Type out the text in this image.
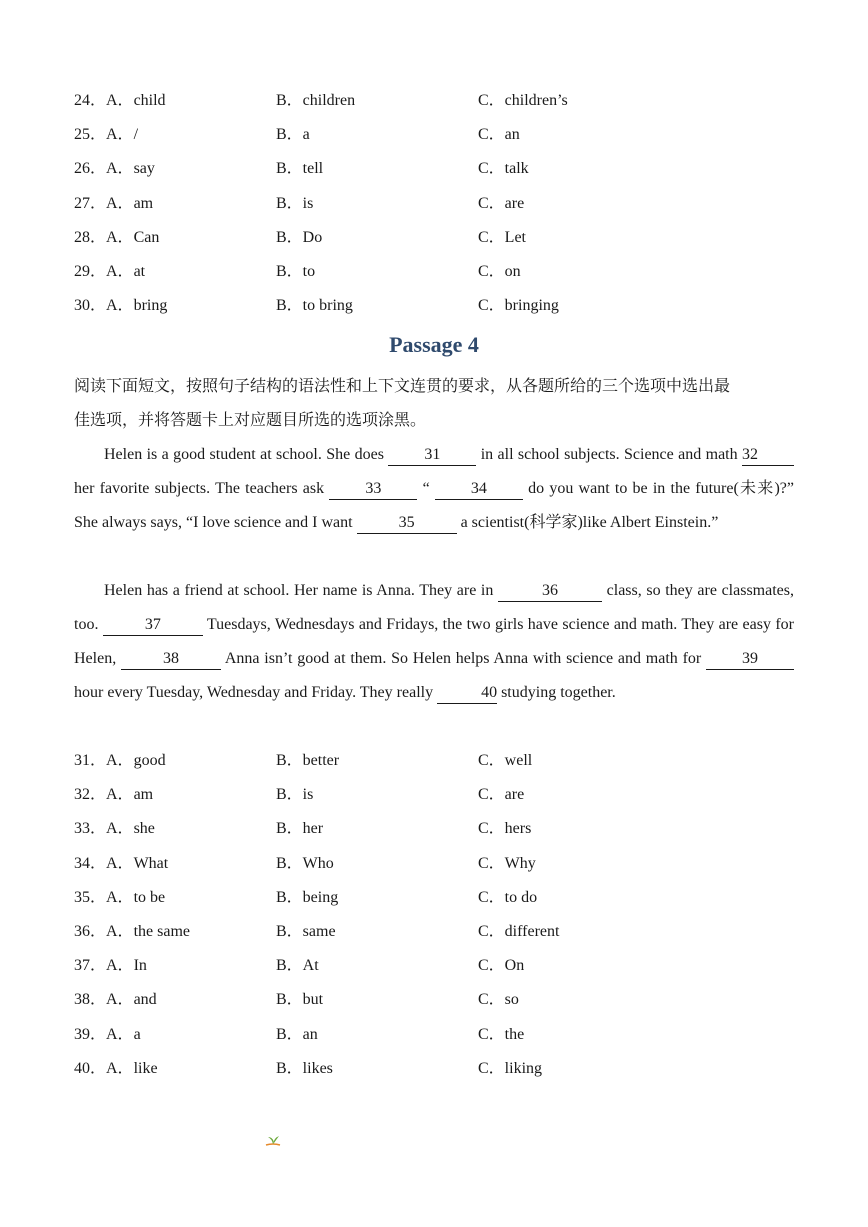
24．A．child	B．children	C．children’s
25．A．/	B．a	C．an
26．A．say	B．tell	C．talk
27．A．am	B．is	C．are
28．A．Can	B．Do	C．Let
29．A．at	B．to	C．on
30．A．bring	B．to bring	C．bringing
Passage 4

阅读下面短文，按照句子结构的语法性和上下文连贯的要求，从各题所给的三个选项中选出最

佳选项，并将答题卡上对应题目所选的选项涂黑。

Helen is a good student at school. She does 31 in all school subjects. Science and math 32 her favorite subjects. The teachers ask 33 “ 34 do you want to be in the future(未来)?” She always says, “I love science and I want	35	a scientist(科学家)like Albert Einstein.”

Helen has a friend at school. Her name is Anna. They are in	36	class, so they are classmates, too.	37	Tuesdays, Wednesdays and Fridays, the two girls have science and math. They are easy for Helen,	38	Anna isn’t good at them. So Helen helps Anna with science and math for 39 hour every Tuesday, Wednesday and Friday. They really	40 studying together.

31．A．good	B．better	C．well
32．A．am	B．is	C．are
33．A．she	B．her	C．hers
34．A．What	B．Who	C．Why
35．A．to be	B．being	C．to do
36．A．the same	B．same	C．different
37．A．In	B．At	C．On
38．A．and	B．but	C．so
39．A．a	B．an	C．the
40．A．like	B．likes	C．liking
